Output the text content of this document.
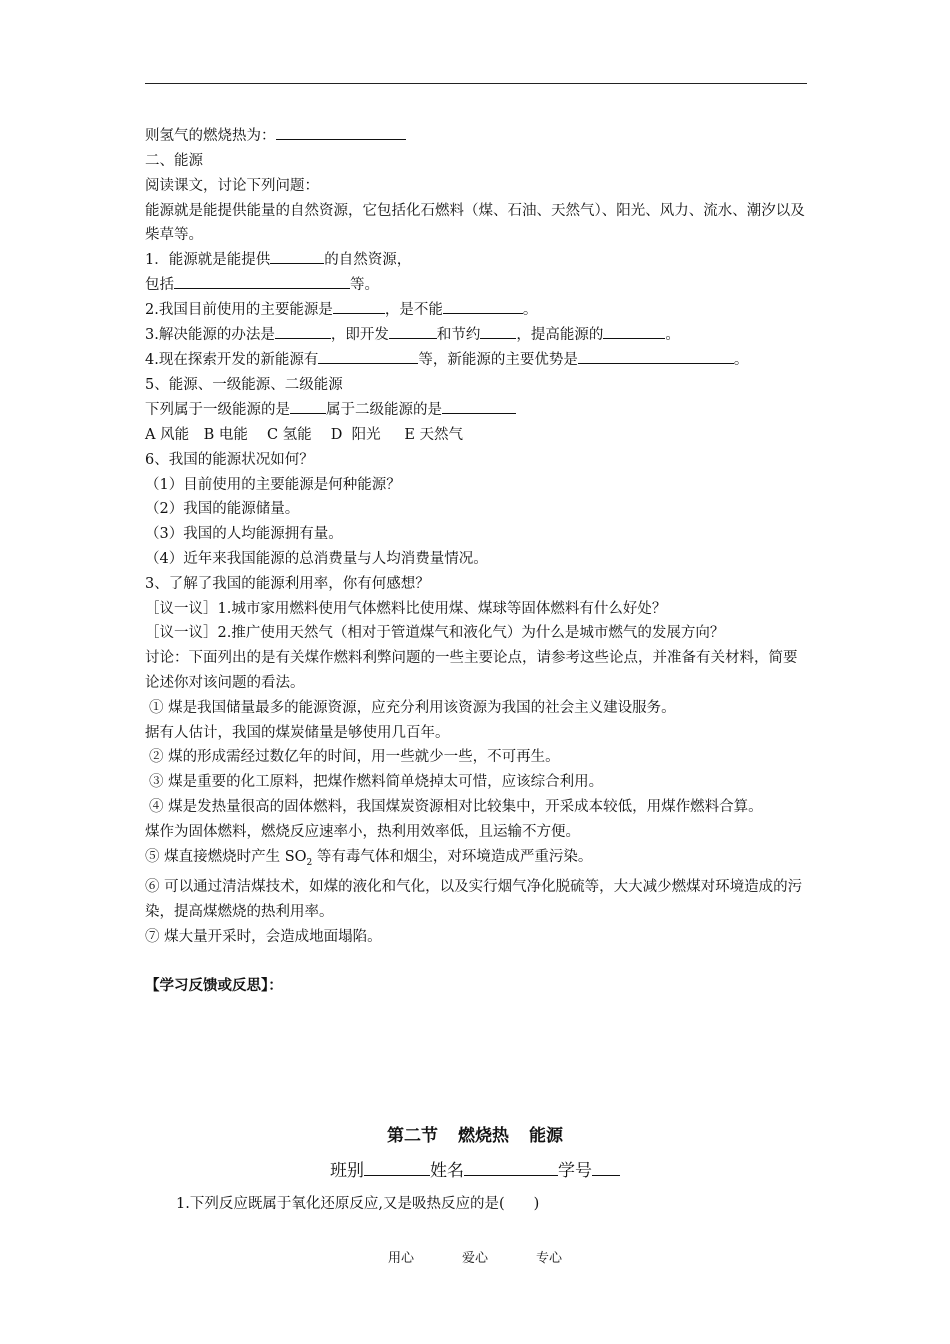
则氢气的燃烧热为：

二、能源

阅读课文，讨论下列问题：

能源就是能提供能量的自然资源，它包括化石燃料（煤、石油、天然气）、阳光、风力、流水、潮汐以及柴草等。

1．能源就是能提供	的自然资源，

包括	等。

2.我国目前使用的主要能源是	，是不能	。

3.解决能源的办法是	，即开发	和节约 ，提高能源的	。

4.现在探索开发的新能源有	等，新能源的主要优势是	。

5、能源、一级能源、二级能源

下列属于一级能源的是 属于二级能源的是

A 风能　B 电能　 C 氢能　 D  阳光　  E 天然气

6、我国的能源状况如何？

（1）目前使用的主要能源是何种能源？

（2）我国的能源储量。

（3）我国的人均能源拥有量。

（4）近年来我国能源的总消费量与人均消费量情况。

3、了解了我国的能源利用率，你有何感想？

［议一议］1.城市家用燃料使用气体燃料比使用煤、煤球等固体燃料有什么好处？

［议一议］2.推广使用天然气（相对于管道煤气和液化气）为什么是城市燃气的发展方向？

讨论：下面列出的是有关煤作燃料利弊问题的一些主要论点，请参考这些论点，并准备有关材料，简要论述你对该问题的看法。

① 煤是我国储量最多的能源资源，应充分利用该资源为我国的社会主义建设服务。

据有人估计，我国的煤炭储量是够使用几百年。

② 煤的形成需经过数亿年的时间，用一些就少一些，不可再生。

③ 煤是重要的化工原料，把煤作燃料简单烧掉太可惜，应该综合利用。

④ 煤是发热量很高的固体燃料，我国煤炭资源相对比较集中，开采成本较低，用煤作燃料合算。

煤作为固体燃料，燃烧反应速率小，热利用效率低，且运输不方便。

⑤ 煤直接燃烧时产生 $SO_2$ 等有毒气体和烟尘，对环境造成严重污染。

⑥ 可以通过清洁煤技术，如煤的液化和气化，以及实行烟气净化脱硫等，大大减少燃煤对环境造成的污染，提高煤燃烧的热利用率。

⑦ 煤大量开采时，会造成地面塌陷。

【学习反馈或反思】：

第二节 燃烧热 能源
班别	姓名	学号
1.下列反应既属于氧化还原反应,又是吸热反应的是(　　)
用心	爱心	专心
